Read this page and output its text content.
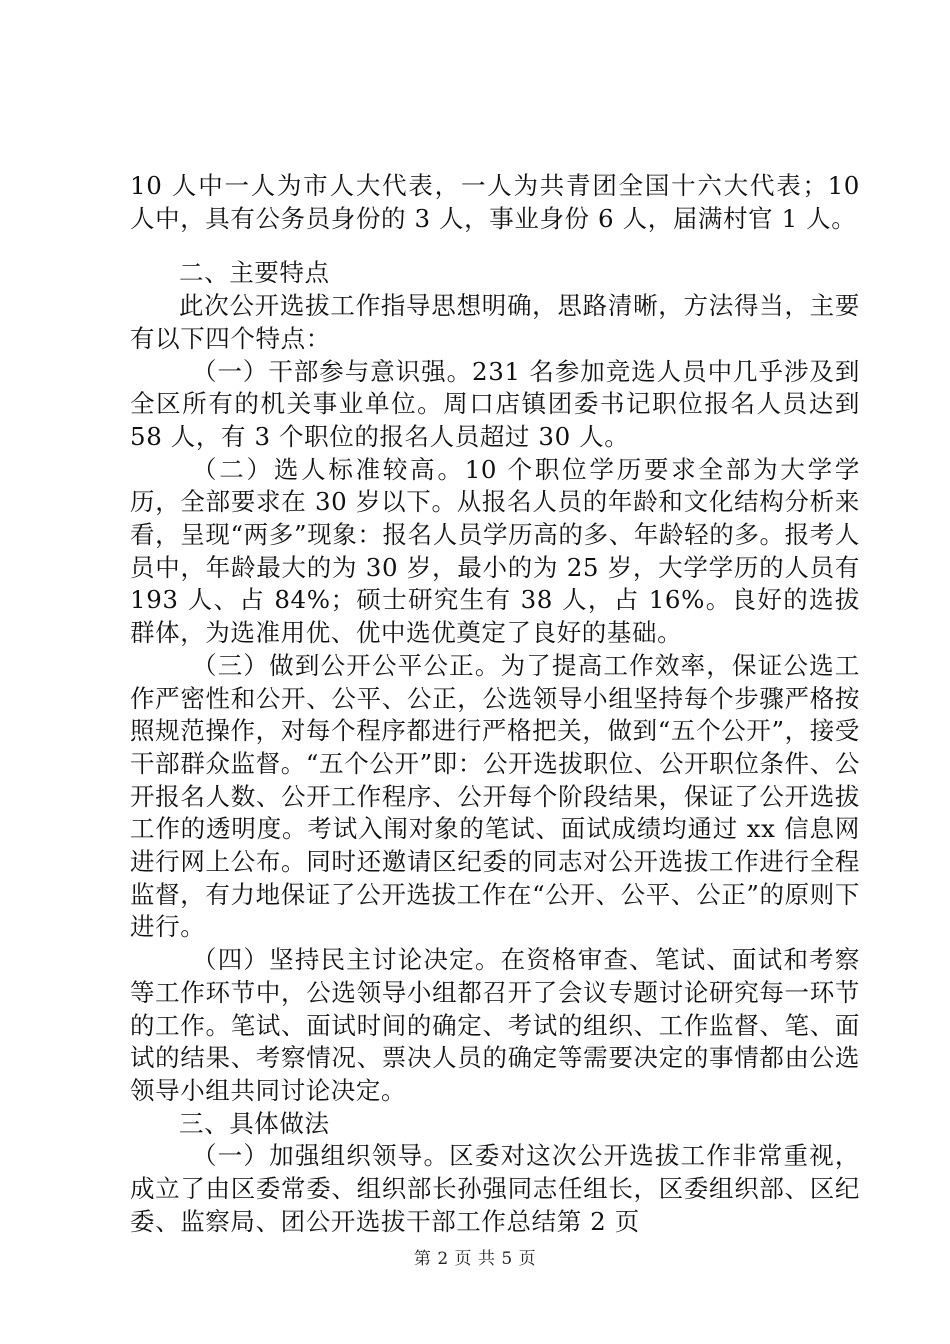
10 人中一人为市人大代表，一人为共青团全国十六大代表；10 人中，具有公务员身份的 3 人，事业身份 6 人，届满村官 1 人。

二、主要特点

此次公开选拔工作指导思想明确，思路清晰，方法得当，主要有以下四个特点：

（一）干部参与意识强。231 名参加竞选人员中几乎涉及到全区所有的机关事业单位。周口店镇团委书记职位报名人员达到 58 人，有 3 个职位的报名人员超过 30 人。

（二）选人标准较高。10 个职位学历要求全部为大学学历，全部要求在 30 岁以下。从报名人员的年龄和文化结构分析来看，呈现“两多”现象：报名人员学历高的多、年龄轻的多。报考人员中，年龄最大的为 30 岁，最小的为 25 岁，大学学历的人员有 193 人、占 84%；硕士研究生有 38 人，占 16%。良好的选拔群体，为选准用优、优中选优奠定了良好的基础。

（三）做到公开公平公正。为了提高工作效率，保证公选工作严密性和公开、公平、公正，公选领导小组坚持每个步骤严格按照规范操作，对每个程序都进行严格把关，做到“五个公开”，接受干部群众监督。“五个公开”即：公开选拔职位、公开职位条件、公开报名人数、公开工作程序、公开每个阶段结果，保证了公开选拔工作的透明度。考试入闱对象的笔试、面试成绩均通过 xx 信息网进行网上公布。同时还邀请区纪委的同志对公开选拔工作进行全程监督，有力地保证了公开选拔工作在“公开、公平、公正”的原则下进行。

（四）坚持民主讨论决定。在资格审查、笔试、面试和考察等工作环节中，公选领导小组都召开了会议专题讨论研究每一环节的工作。笔试、面试时间的确定、考试的组织、工作监督、笔、面试的结果、考察情况、票决人员的确定等需要决定的事情都由公选领导小组共同讨论决定。

三、具体做法

（一）加强组织领导。区委对这次公开选拔工作非常重视，成立了由区委常委、组织部长孙强同志任组长，区委组织部、区纪委、监察局、团公开选拔干部工作总结第 2 页

第 2 页 共 5 页
